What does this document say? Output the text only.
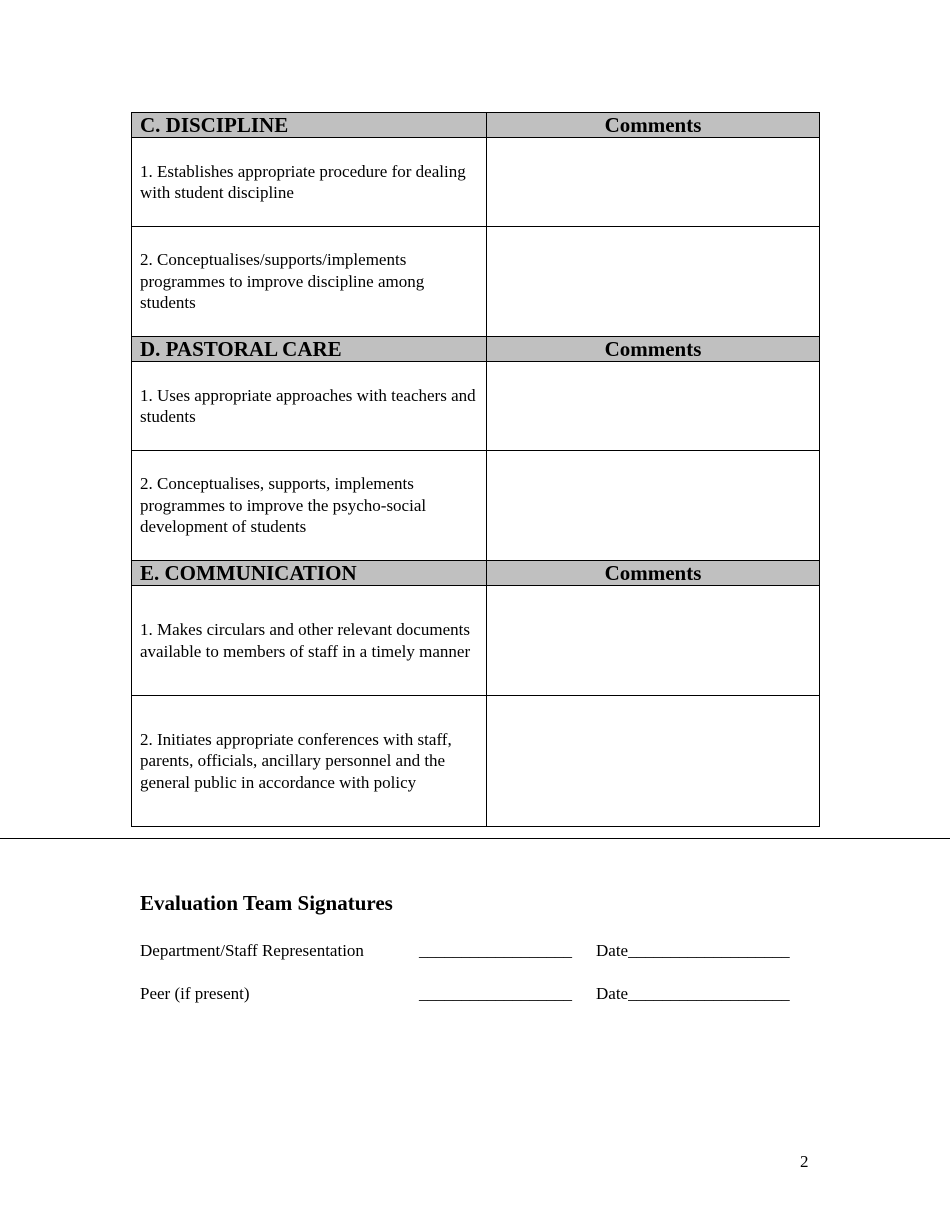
C. DISCIPLINE	Comments
1. Establishes appropriate procedure for dealing with student discipline	
2. Conceptualises/supports/implements programmes to improve discipline among students	
D. PASTORAL CARE	Comments
1. Uses appropriate approaches with teachers and students	
2. Conceptualises, supports, implements programmes to improve the psycho-social development of students	
E. COMMUNICATION	Comments
1. Makes circulars and other relevant documents available to members of staff in a timely manner	
2. Initiates appropriate conferences with staff, parents, officials, ancillary personnel and the general public in accordance with policy	
Evaluation Team Signatures
Department/Staff Representation	__________________ Date___________________
Peer (if present)	__________________ Date___________________
2
